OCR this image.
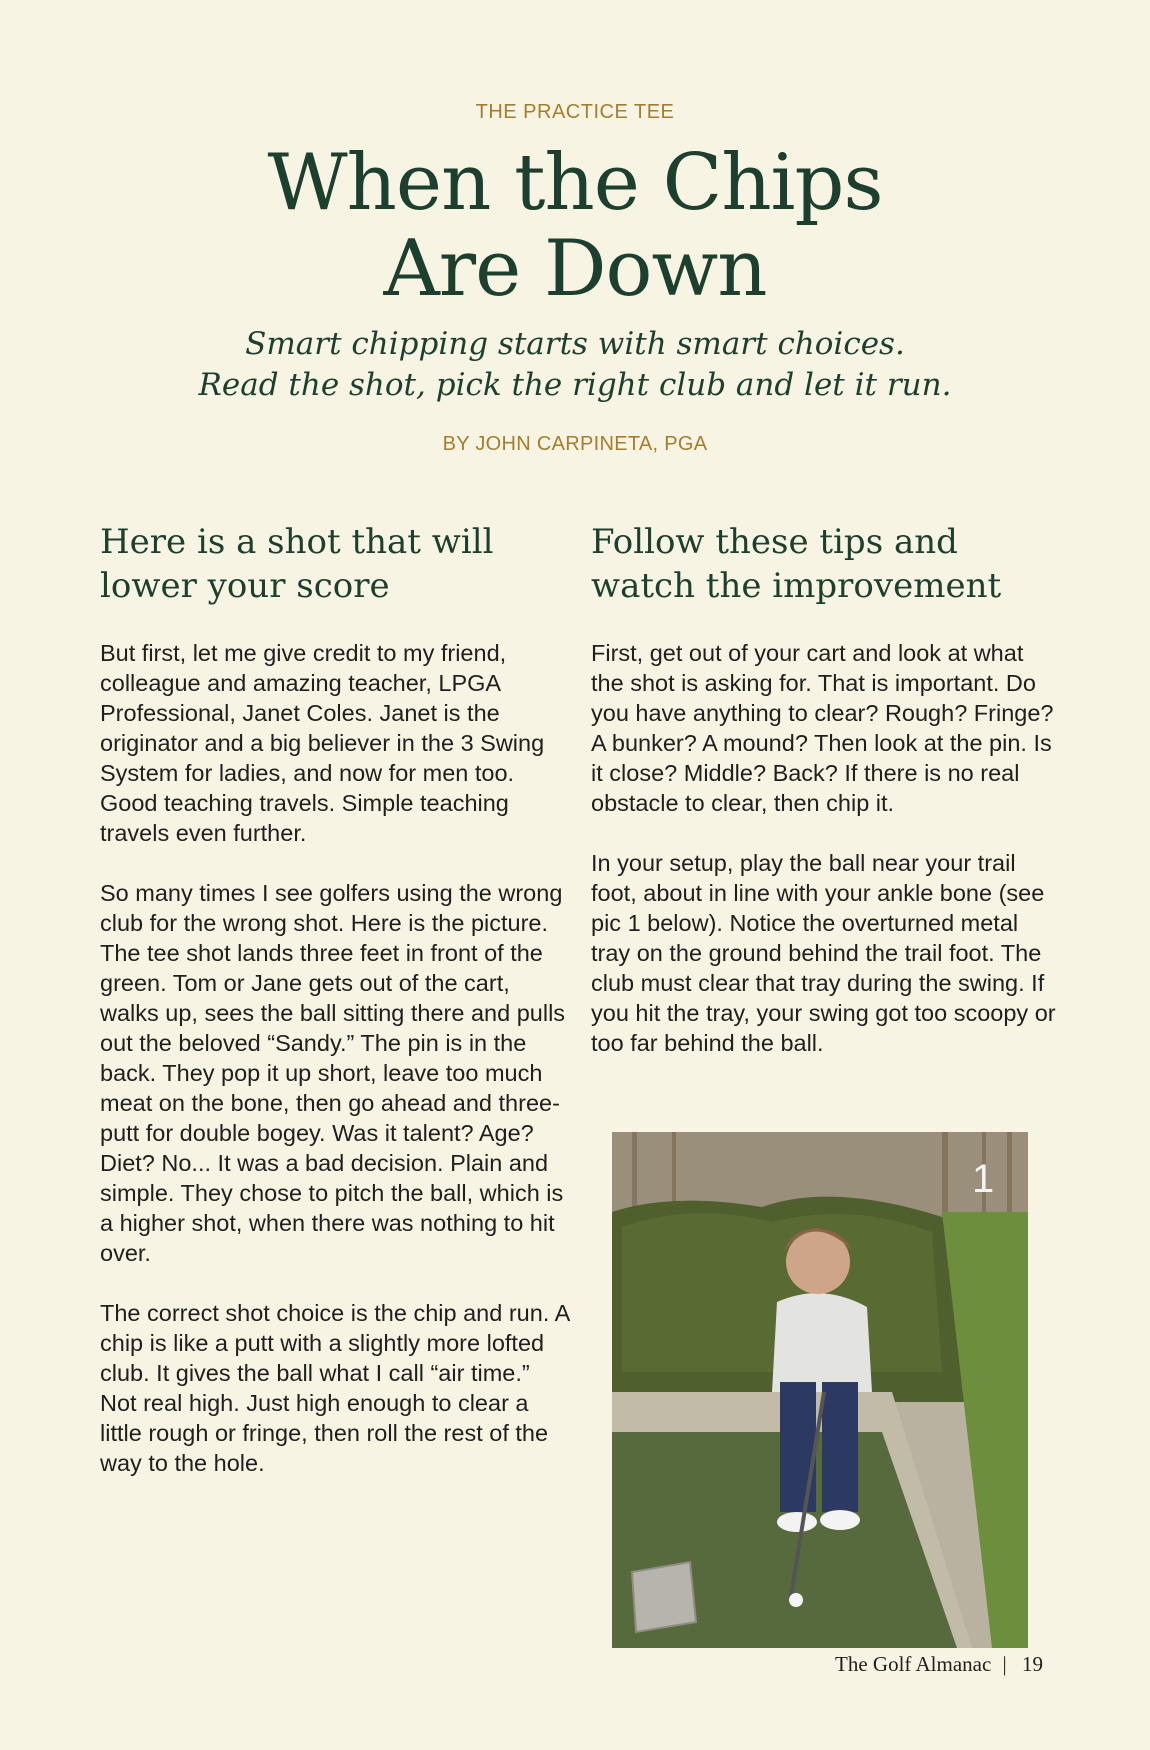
THE PRACTICE TEE
When the Chips
Are Down
Smart chipping starts with smart choices.
Read the shot, pick the right club and let it run.
BY JOHN CARPINETA, PGA
Here is a shot that will lower your score

But first, let me give credit to my friend, colleague and amazing teacher, LPGA Professional, Janet Coles. Janet is the originator and a big believer in the 3 Swing System for ladies, and now for men too. Good teaching travels. Simple teaching travels even further.

So many times I see golfers using the wrong club for the wrong shot. Here is the picture. The tee shot lands three feet in front of the green. Tom or Jane gets out of the cart, walks up, sees the ball sitting there and pulls out the beloved “Sandy.” The pin is in the back. They pop it up short, leave too much meat on the bone, then go ahead and three-putt for double bogey. Was it talent? Age? Diet? No... It was a bad decision. Plain and simple. They chose to pitch the ball, which is a higher shot, when there was nothing to hit over.

The correct shot choice is the chip and run. A chip is like a putt with a slightly more lofted club. It gives the ball what I call “air time.” Not real high. Just high enough to clear a little rough or fringe, then roll the rest of the way to the hole.

Follow these tips and watch the improvement

First, get out of your cart and look at what the shot is asking for. That is important. Do you have anything to clear? Rough? Fringe? A bunker? A mound? Then look at the pin. Is it close? Middle? Back? If there is no real obstacle to clear, then chip it.

In your setup, play the ball near your trail foot, about in line with your ankle bone (see pic 1 below). Notice the overturned metal tray on the ground behind the trail foot. The club must clear that tray during the swing. If you hit the tray, your swing got too scoopy or too far behind the ball.

1
The Golf Almanac | 19
